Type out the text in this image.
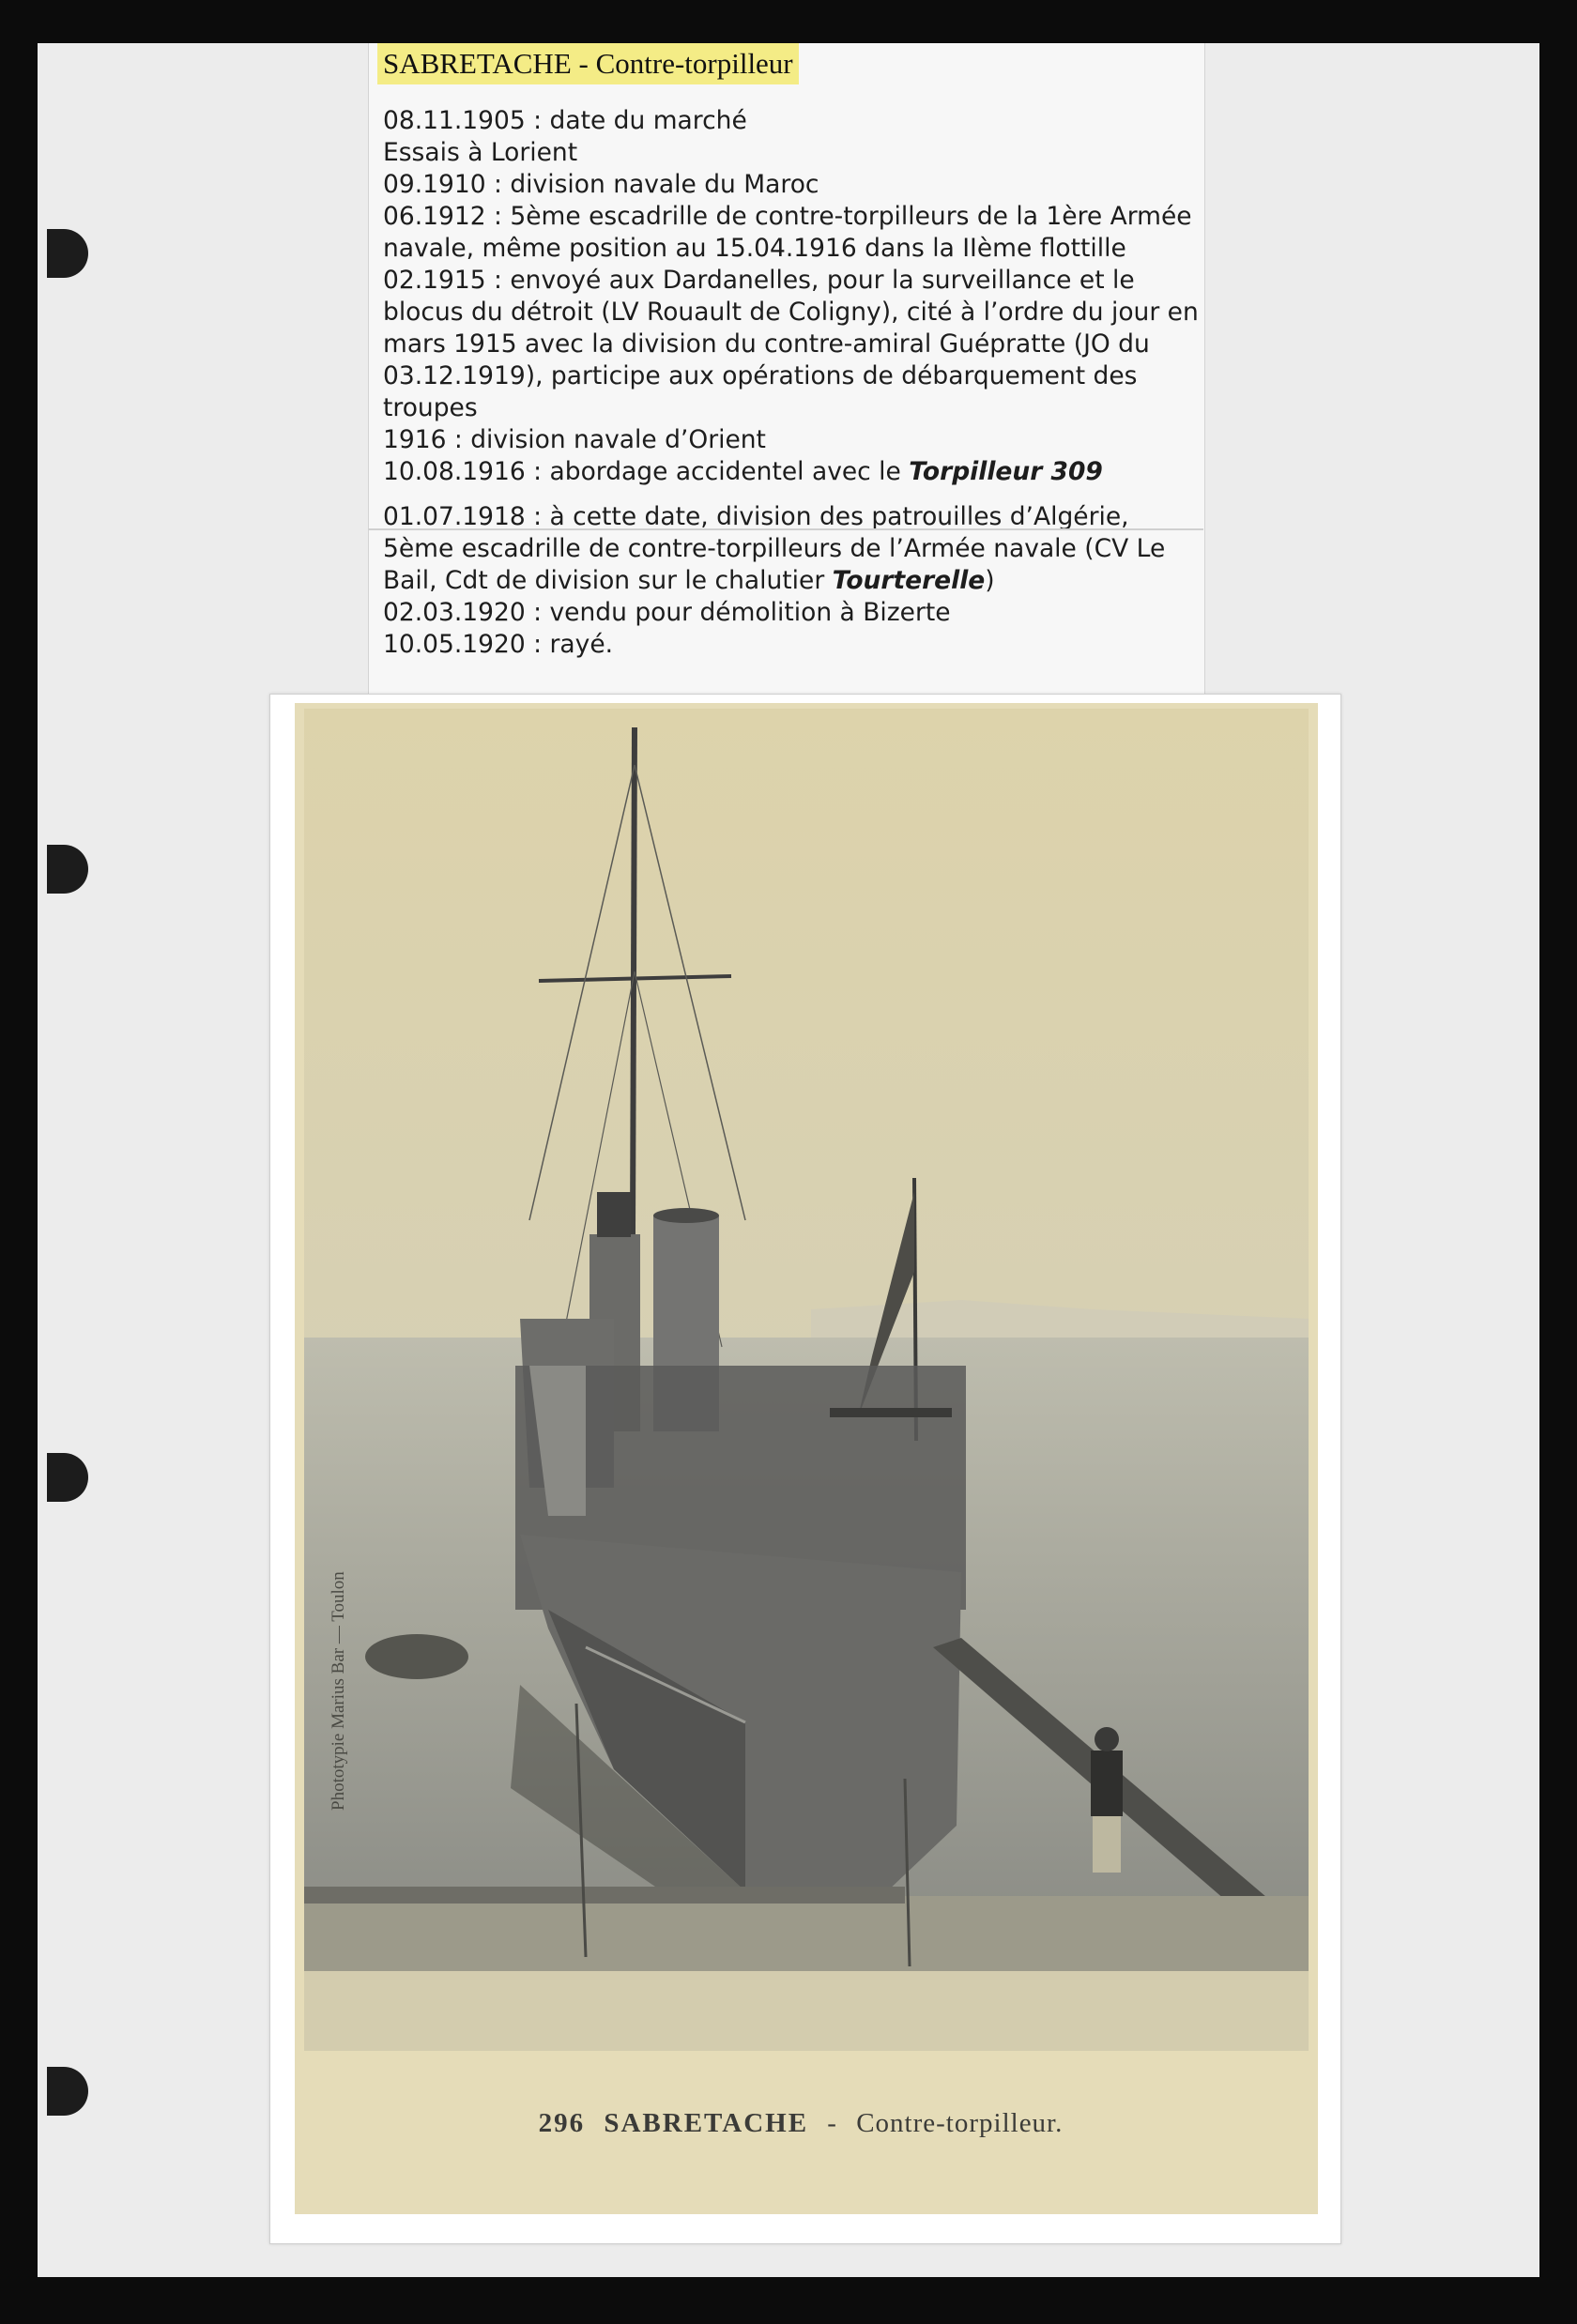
SABRETACHE - Contre-torpilleur

08.11.1905 : date du marché

Essais à Lorient

09.1910 : division navale du Maroc

06.1912 : 5ème escadrille de contre-torpilleurs de la 1ère Armée navale, même position au 15.04.1916 dans la IIème flottille

02.1915 : envoyé aux Dardanelles, pour la surveillance et le blocus du détroit (LV Rouault de Coligny), cité à l’ordre du jour en mars 1915 avec la division du contre-amiral Guépratte (JO du 03.12.1919), participe aux opérations de débarquement des troupes

1916 : division navale d’Orient

10.08.1916 : abordage accidentel avec le Torpilleur 309

01.07.1918 : à cette date, division des patrouilles d’Algérie, 5ème escadrille de contre-torpilleurs de l’Armée navale (CV Le Bail, Cdt de division sur le chalutier Tourterelle)

02.03.1920 : vendu pour démolition à Bizerte

10.05.1920 : rayé.

Phototypie Marius Bar — Toulon
296 SABRETACHE - Contre-torpilleur.
